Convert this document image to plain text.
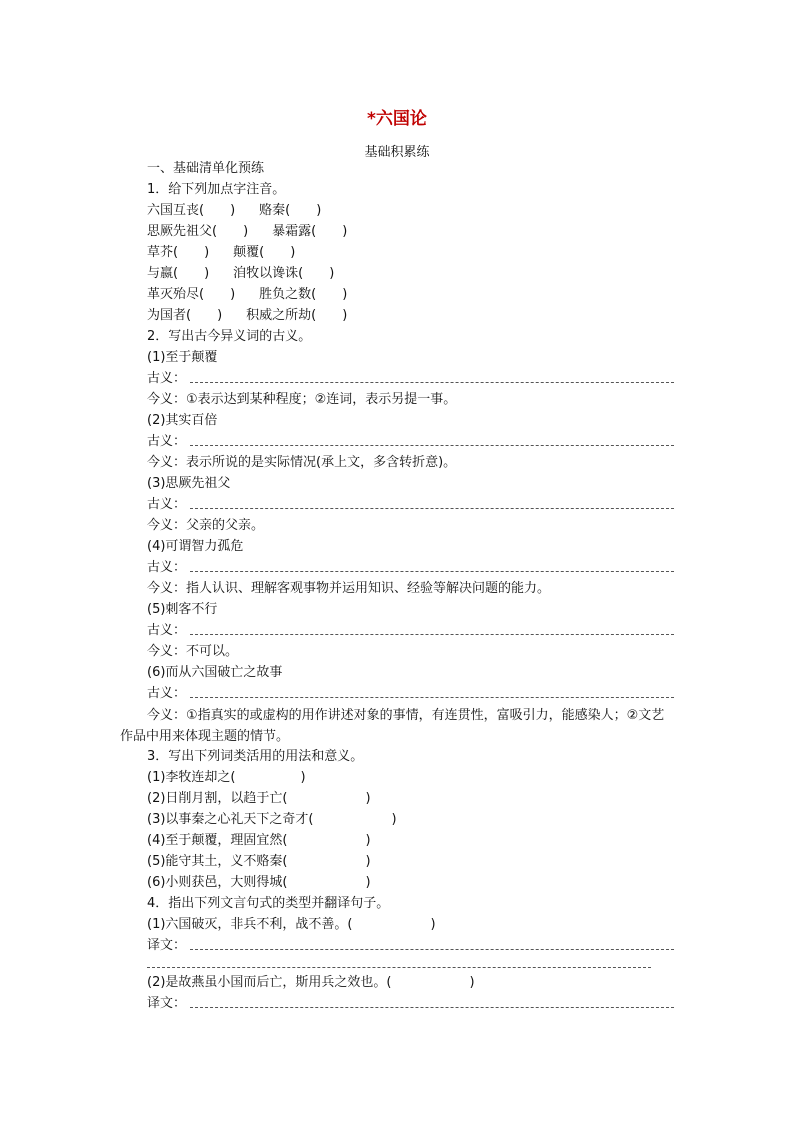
*六国论
基础积累练
一、基础清单化预练
1．给下列加点字注音。
六国互丧(　　) 赂秦(　　)
思厥先祖父(　　) 暴霜露(　　)
草芥(　　) 颠覆(　　)
与嬴(　　) 洎牧以谗诛(　　)
革灭殆尽(　　) 胜负之数(　　)
为国者(　　) 积威之所劫(　　)
2．写出古今异义词的古义。
(1)至于颠覆
古义：
今义：①表示达到某种程度；②连词，表示另提一事。
(2)其实百倍
古义：
今义：表示所说的是实际情况(承上文，多含转折意)。
(3)思厥先祖父
古义：
今义：父亲的父亲。
(4)可谓智力孤危
古义：
今义：指人认识、理解客观事物并运用知识、经验等解决问题的能力。
(5)刺客不行
古义：
今义：不可以。
(6)而从六国破亡之故事
古义：
今义：①指真实的或虚构的用作讲述对象的事情，有连贯性，富吸引力，能感染人；②文艺作品中用来体现主题的情节。
3．写出下列词类活用的用法和意义。
(1)李牧连却之(　　　　　)
(2)日削月割，以趋于亡(　　　　　　)
(3)以事秦之心礼天下之奇才(　　　　　　)
(4)至于颠覆，理固宜然(　　　　　　)
(5)能守其土，义不赂秦(　　　　　　)
(6)小则获邑，大则得城(　　　　　　)
4．指出下列文言句式的类型并翻译句子。
(1)六国破灭，非兵不利，战不善。(　　　　　　)
译文：
(2)是故燕虽小国而后亡，斯用兵之效也。(　　　　　　)
译文：
